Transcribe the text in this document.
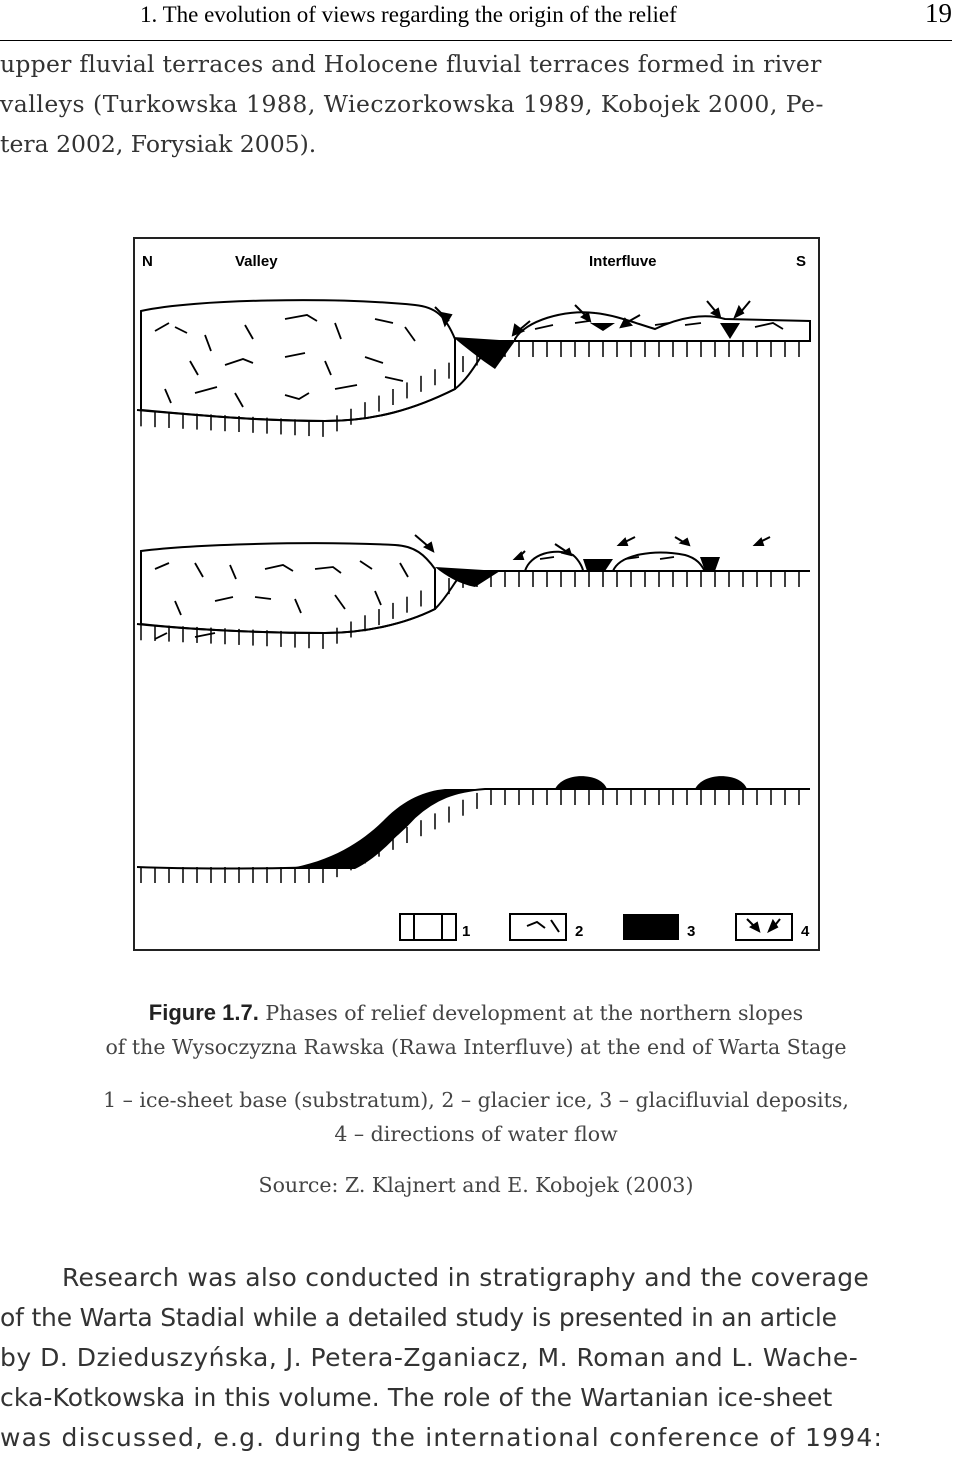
1. The evolution of views regarding the origin of the relief	19
upper fluvial terraces and Holocene fluvial terraces formed in river
valleys (Turkowska 1988, Wieczorkowska 1989, Kobojek 2000, Pe-
tera 2002, Forysiak 2005).
N	Valley	Interfluve	S
1	2	3	4
Figure 1.7. Phases of relief development at the northern slopes
of the Wysoczyzna Rawska (Rawa Interfluve) at the end of Warta Stage
1 – ice-sheet base (substratum), 2 – glacier ice, 3 – glacifluvial deposits,
4 – directions of water flow
Source: Z. Klajnert and E. Kobojek (2003)
Research was also conducted in stratigraphy and the coverage
of the Warta Stadial while a detailed study is presented in an article
by D. Dzieduszyńska, J. Petera-Zganiacz, M. Roman and L. Wache-
cka-Kotkowska in this volume. The role of the Wartanian ice-sheet
was discussed, e.g. during the international conference of 1994:
